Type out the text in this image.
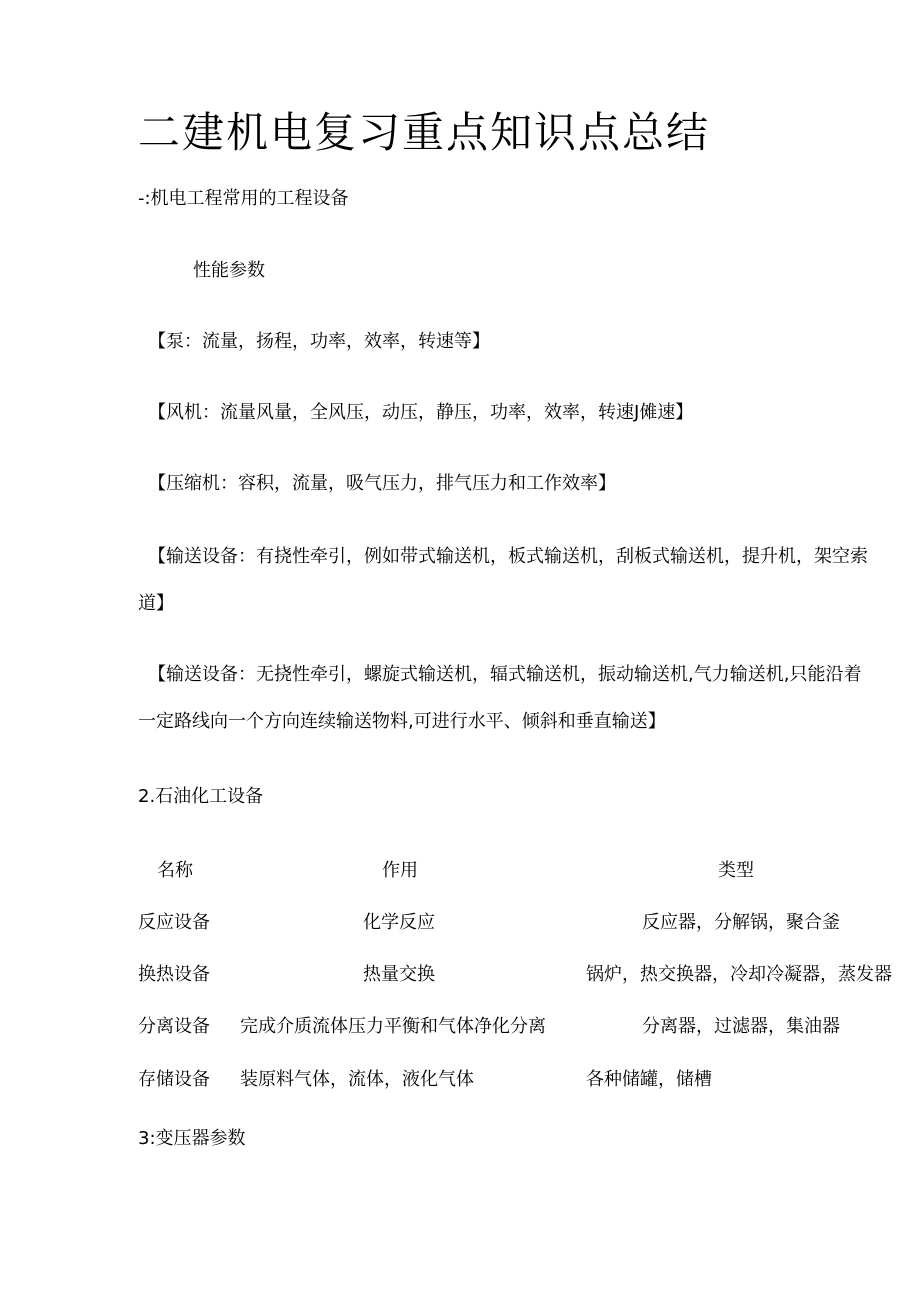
二建机电复习重点知识点总结
-:机电工程常用的工程设备
性能参数
【泵：流量，扬程，功率，效率，转速等】
【风机：流量风量，全风压，动压，静压，功率，效率，转速J傩速】
【压缩机：容积，流量，吸气压力，排气压力和工作效率】
【输送设备：有挠性牵引，例如带式输送机，板式输送机，刮板式输送机，提升机，架空索
道】
【输送设备：无挠性牵引，螺旋式输送机，辐式输送机，振动输送机,气力输送机,只能沿着
一定路线向一个方向连续输送物料,可进行水平、倾斜和垂直输送】
2.石油化工设备
名称	作用	类型
反应设备	化学反应	反应器，分解锅，聚合釜
换热设备	热量交换	锅炉，热交换器，冷却冷凝器，蒸发器
分离设备 完成介质流体压力平衡和气体净化分离	分离器，过滤器，集油器
存储设备 装原料气体，流体，液化气体	各种储罐，储槽
3:变压器参数
